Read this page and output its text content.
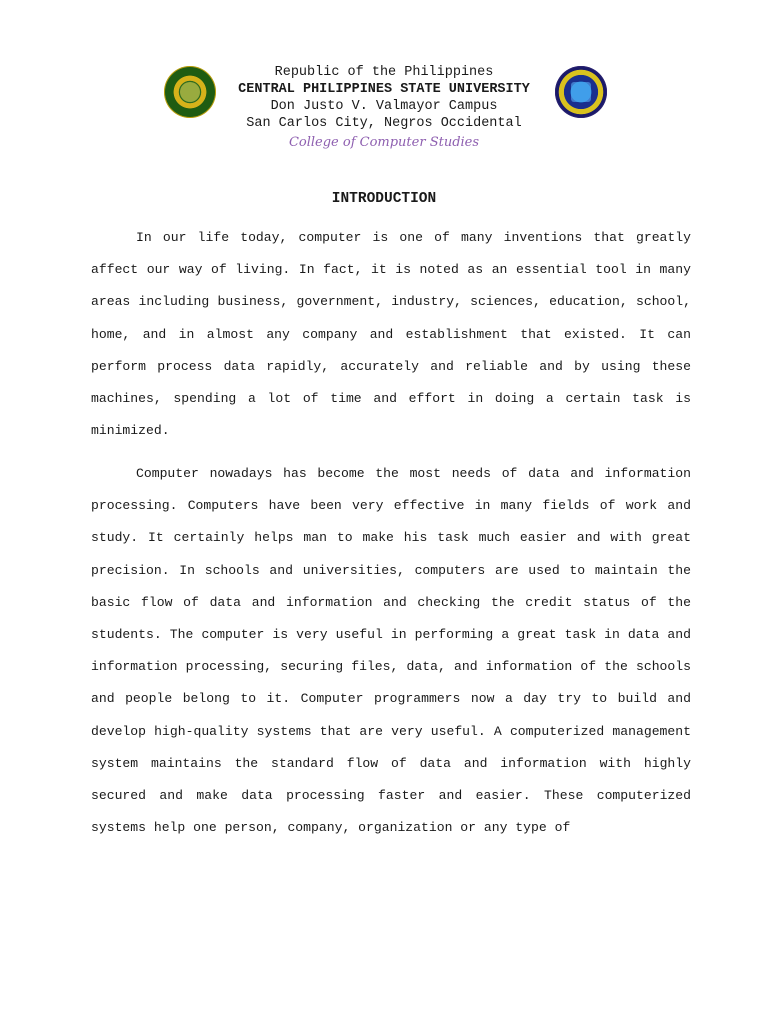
Republic of the Philippines
CENTRAL PHILIPPINES STATE UNIVERSITY
Don Justo V. Valmayor Campus
San Carlos City, Negros Occidental
College of Computer Studies
INTRODUCTION

In our life today, computer is one of many inventions that greatly affect our way of living. In fact, it is noted as an essential tool in many areas including business, government, industry, sciences, education, school, home, and in almost any company and establishment that existed. It can perform process data rapidly, accurately and reliable and by using these machines, spending a lot of time and effort in doing a certain task is minimized.

Computer nowadays has become the most needs of data and information processing. Computers have been very effective in many fields of work and study. It certainly helps man to make his task much easier and with great precision. In schools and universities, computers are used to maintain the basic flow of data and information and checking the credit status of the students. The computer is very useful in performing a great task in data and information processing, securing files, data, and information of the schools and people belong to it. Computer programmers now a day try to build and develop high-quality systems that are very useful. A computerized management system maintains the standard flow of data and information with highly secured and make data processing faster and easier. These computerized systems help one person, company, organization or any type of
